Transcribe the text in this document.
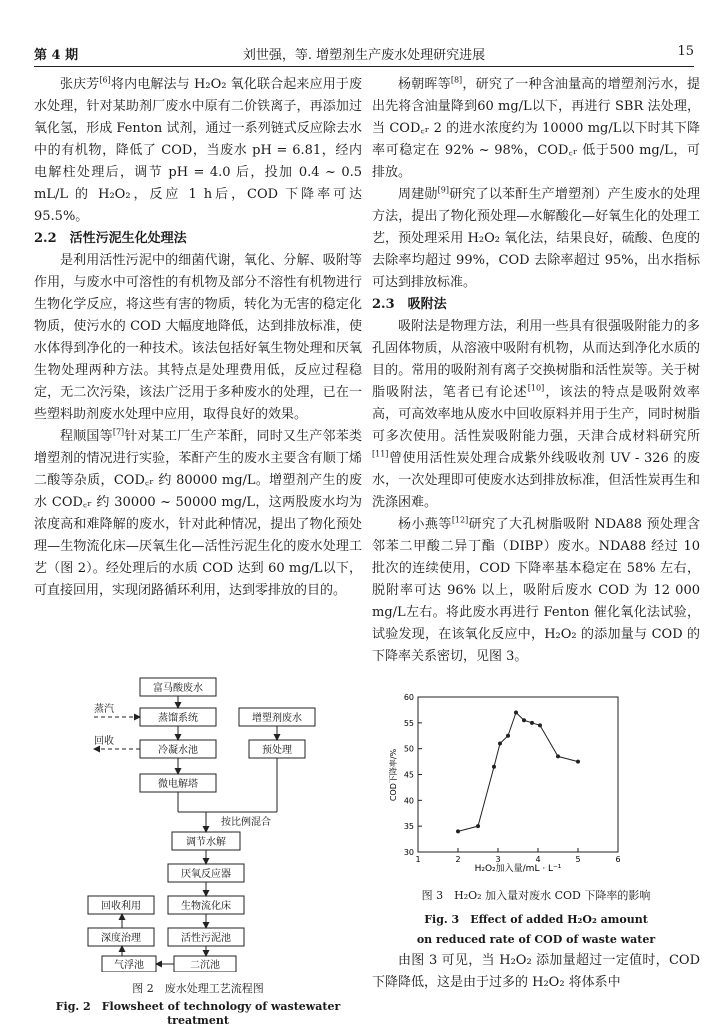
第 4 期	刘世强，等. 增塑剂生产废水处理研究进展	15

张庆芳[6]将内电解法与 H₂O₂ 氧化联合起来应用于废水处理，针对某助剂厂废水中原有二价铁离子，再添加过氧化氢，形成 Fenton 试剂，通过一系列链式反应除去水中的有机物，降低了 COD，当废水 pH = 6.81，经内电解柱处理后，调节 pH = 4.0 后，投加 0.4 ~ 0.5 mL/L 的 H₂O₂，反应 1 h后，COD 下降率可达 95.5%。

2.2　活性污泥生化处理法

是利用活性污泥中的细菌代谢，氧化、分解、吸附等作用，与废水中可溶性的有机物及部分不溶性有机物进行生物化学反应，将这些有害的物质，转化为无害的稳定化物质，使污水的 COD 大幅度地降低，达到排放标准，使水体得到净化的一种技术。该法包括好氧生物处理和厌氧生物处理两种方法。其特点是处理费用低，反应过程稳定，无二次污染，该法广泛用于多种废水的处理，已在一些塑料助剂废水处理中应用，取得良好的效果。

程顺国等[7]针对某工厂生产苯酐，同时又生产邻苯类增塑剂的情况进行实验，苯酐产生的废水主要含有顺丁烯二酸等杂质，COD꜀ᵣ 约 80000 mg/L。增塑剂产生的废水 COD꜀ᵣ 约 30000 ~ 50000 mg/L，这两股废水均为浓度高和难降解的废水，针对此种情况，提出了物化预处理—生物流化床—厌氧生化—活性污泥生化的废水处理工艺（图 2）。经处理后的水质 COD 达到 60 mg/L以下，可直接回用，实现闭路循环利用，达到零排放的目的。

杨朝晖等[8]，研究了一种含油量高的增塑剂污水，提出先将含油量降到60 mg/L以下，再进行 SBR 法处理，当 COD꜀ᵣ 2 的进水浓度约为 10000 mg/L以下时其下降率可稳定在 92% ~ 98%，COD꜀ᵣ 低于500 mg/L，可排放。

周建勋[9]研究了以苯酐生产增塑剂）产生废水的处理方法，提出了物化预处理—水解酸化—好氧生化的处理工艺，预处理采用 H₂O₂ 氧化法，结果良好，硫酸、色度的去除率均超过 99%，COD 去除率超过 95%，出水指标可达到排放标准。

2.3　吸附法

吸附法是物理方法，利用一些具有很强吸附能力的多孔固体物质，从溶液中吸附有机物，从而达到净化水质的目的。常用的吸附剂有离子交换树脂和活性炭等。关于树脂吸附法，笔者已有论述[10]，该法的特点是吸附效率高，可高效率地从废水中回收原料并用于生产，同时树脂可多次使用。活性炭吸附能力强，天津合成材料研究所[11]曾使用活性炭处理合成紫外线吸收剂 UV - 326 的废水，一次处理即可使废水达到排放标准，但活性炭再生和洗涤困难。

杨小燕等[12]研究了大孔树脂吸附 NDA88 预处理含邻苯二甲酸二异丁酯（DIBP）废水。NDA88 经过 10 批次的连续使用，COD 下降率基本稳定在 58% 左右，脱附率可达 96% 以上，吸附后废水 COD 为 12 000 mg/L左右。将此废水再进行 Fenton 催化氧化法试验，试验发现，在该氧化反应中，H₂O₂ 的添加量与 COD 的下降率关系密切，见图 3。

富马酸废水
蒸馏系统
冷凝水池
微电解塔
增塑剂废水
预处理
按比例混合
调节水解
厌氧反应器
生物流化床
回收利用
活性污泥池
深度治理
气浮池	二沉池
蒸汽
回收
图 2　废水处理工艺流程图
Fig. 2　Flowsheet of technology of wastewater treatment
COD下降率/%
H₂O₂加入量/mL · L⁻¹
1	2	3	4	5	6
30
35
40
45
50
55
60
图 3　H₂O₂ 加入量对废水 COD 下降率的影响
Fig. 3　Effect of added H₂O₂ amount
on reduced rate of COD of waste water

由图 3 可见，当 H₂O₂ 添加量超过一定值时，COD 下降降低，这是由于过多的 H₂O₂ 将体系中
